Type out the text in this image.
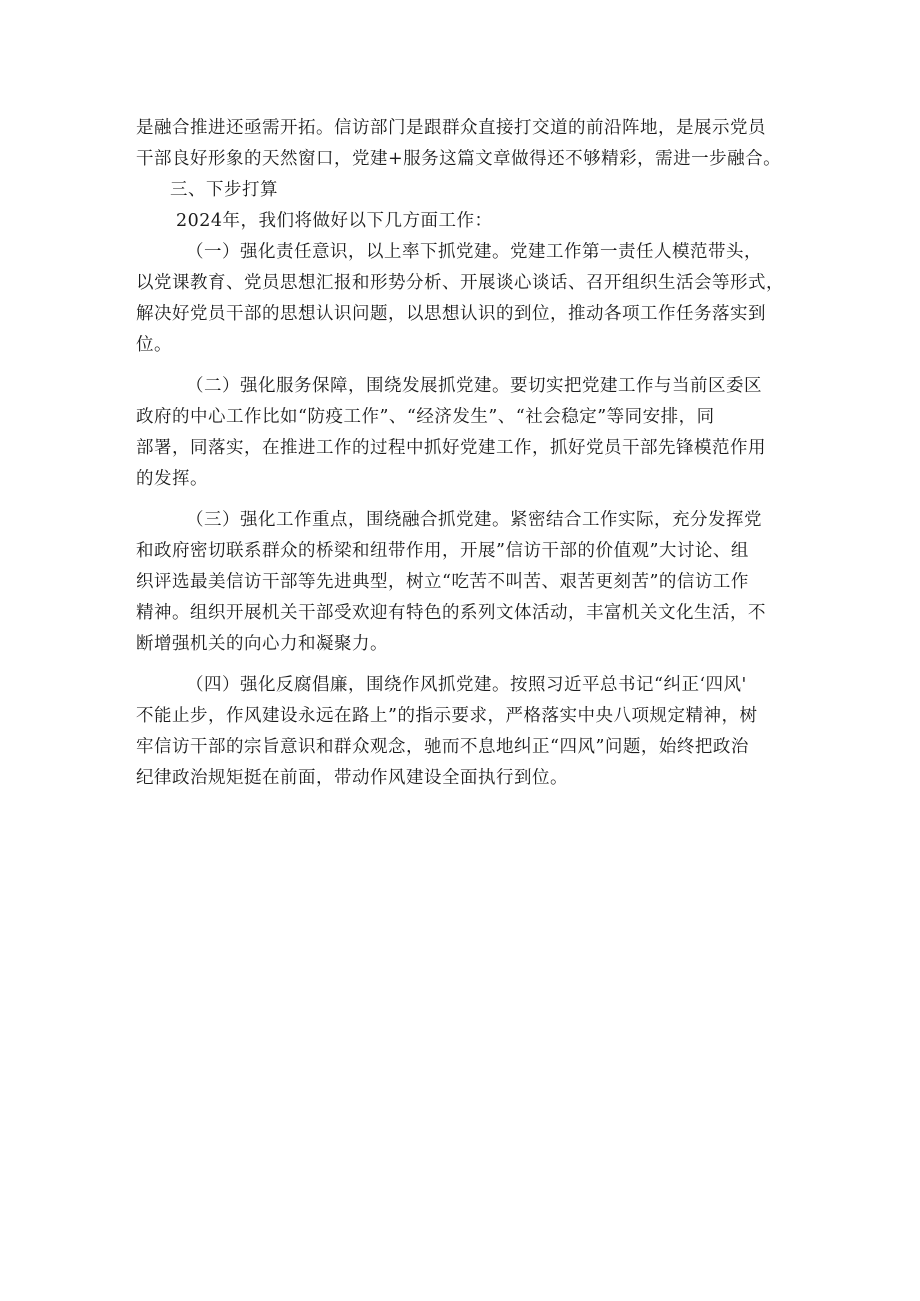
是融合推进还亟需开拓。信访部门是跟群众直接打交道的前沿阵地，是展示党员
干部良好形象的天然窗口，党建+服务这篇文章做得还不够精彩，需进一步融合。
三、下步打算
2024年，我们将做好以下几方面工作：
（一）强化责任意识，以上率下抓党建。党建工作第一责任人模范带头，
以党课教育、党员思想汇报和形势分析、开展谈心谈话、召开组织生活会等形式，
解决好党员干部的思想认识问题，以思想认识的到位，推动各项工作任务落实到
位。
（二）强化服务保障，围绕发展抓党建。要切实把党建工作与当前区委区
政府的中心工作比如“防疫工作”、“经济发生”、“社会稳定”等同安排，同
部署，同落实，在推进工作的过程中抓好党建工作，抓好党员干部先锋模范作用
的发挥。
（三）强化工作重点，围绕融合抓党建。紧密结合工作实际，充分发挥党
和政府密切联系群众的桥梁和纽带作用，开展”信访干部的价值观”大讨论、组
织评选最美信访干部等先进典型，树立“吃苦不叫苦、艰苦更刻苦”的信访工作
精神。组织开展机关干部受欢迎有特色的系列文体活动，丰富机关文化生活，不
断增强机关的向心力和凝聚力。
（四）强化反腐倡廉，围绕作风抓党建。按照习近平总书记“纠正‘四风'
不能止步，作风建设永远在路上”的指示要求，严格落实中央八项规定精神，树
牢信访干部的宗旨意识和群众观念，驰而不息地纠正“四风”问题，始终把政治
纪律政治规矩挺在前面，带动作风建设全面执行到位。
